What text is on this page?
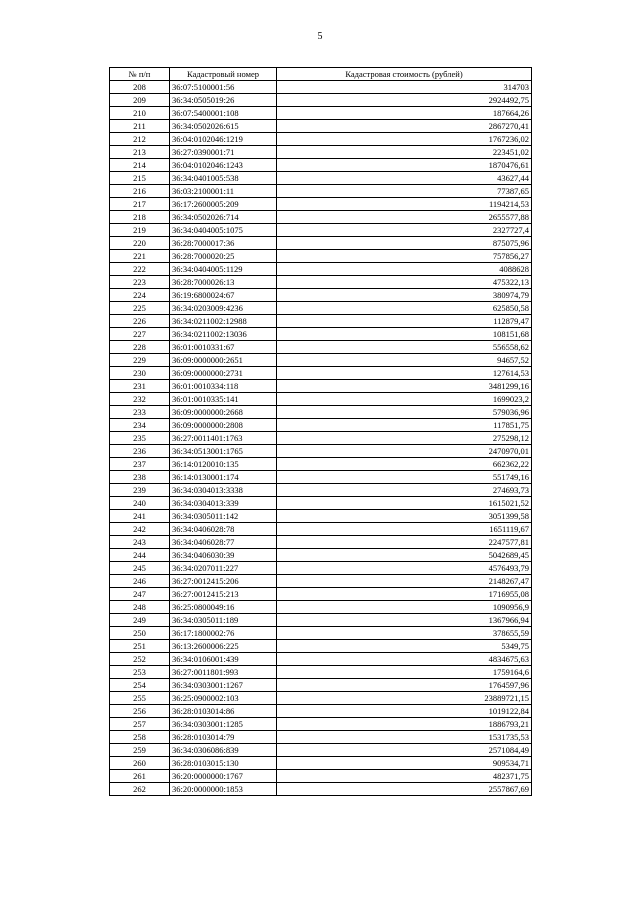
5
№ п/п	Кадастровый номер	Кадастровая стоимость (рублей)
208	36:07:5100001:56	314703
209	36:34:0505019:26	2924492,75
210	36:07:5400001:108	187664,26
211	36:34:0502026:615	2867270,41
212	36:04:0102046:1219	1767236,02
213	36:27:0390001:71	223451,02
214	36:04:0102046:1243	1870476,61
215	36:34:0401005:538	43627,44
216	36:03:2100001:11	77387,65
217	36:17:2600005:209	1194214,53
218	36:34:0502026:714	2655577,88
219	36:34:0404005:1075	2327727,4
220	36:28:7000017:36	875075,96
221	36:28:7000020:25	757856,27
222	36:34:0404005:1129	4088628
223	36:28:7000026:13	475322,13
224	36:19:6800024:67	380974,79
225	36:34:0203009:4236	625850,58
226	36:34:0211002:12988	112879,47
227	36:34:0211002:13036	108151,68
228	36:01:0010331:67	556558,62
229	36:09:0000000:2651	94657,52
230	36:09:0000000:2731	127614,53
231	36:01:0010334:118	3481299,16
232	36:01:0010335:141	1699023,2
233	36:09:0000000:2668	579036,96
234	36:09:0000000:2808	117851,75
235	36:27:0011401:1763	275298,12
236	36:34:0513001:1765	2470970,01
237	36:14:0120010:135	662362,22
238	36:14:0130001:174	551749,16
239	36:34:0304013:3338	274693,73
240	36:34:0304013:339	1615021,52
241	36:34:0305011:142	3051399,58
242	36:34:0406028:78	1651119,67
243	36:34:0406028:77	2247577,81
244	36:34:0406030:39	5042689,45
245	36:34:0207011:227	4576493,79
246	36:27:0012415:206	2148267,47
247	36:27:0012415:213	1716955,08
248	36:25:0800049:16	1090956,9
249	36:34:0305011:189	1367966,94
250	36:17:1800002:76	378655,59
251	36:13:2600006:225	5349,75
252	36:34:0106001:439	4834675,63
253	36:27:0011801:993	1759164,6
254	36:34:0303001:1267	1764597,96
255	36:25:0900002:103	23889721,15
256	36:28:0103014:86	1019122,84
257	36:34:0303001:1285	1886793,21
258	36:28:0103014:79	1531735,53
259	36:34:0306086:839	2571084,49
260	36:28:0103015:130	909534,71
261	36:20:0000000:1767	482371,75
262	36:20:0000000:1853	2557867,69
